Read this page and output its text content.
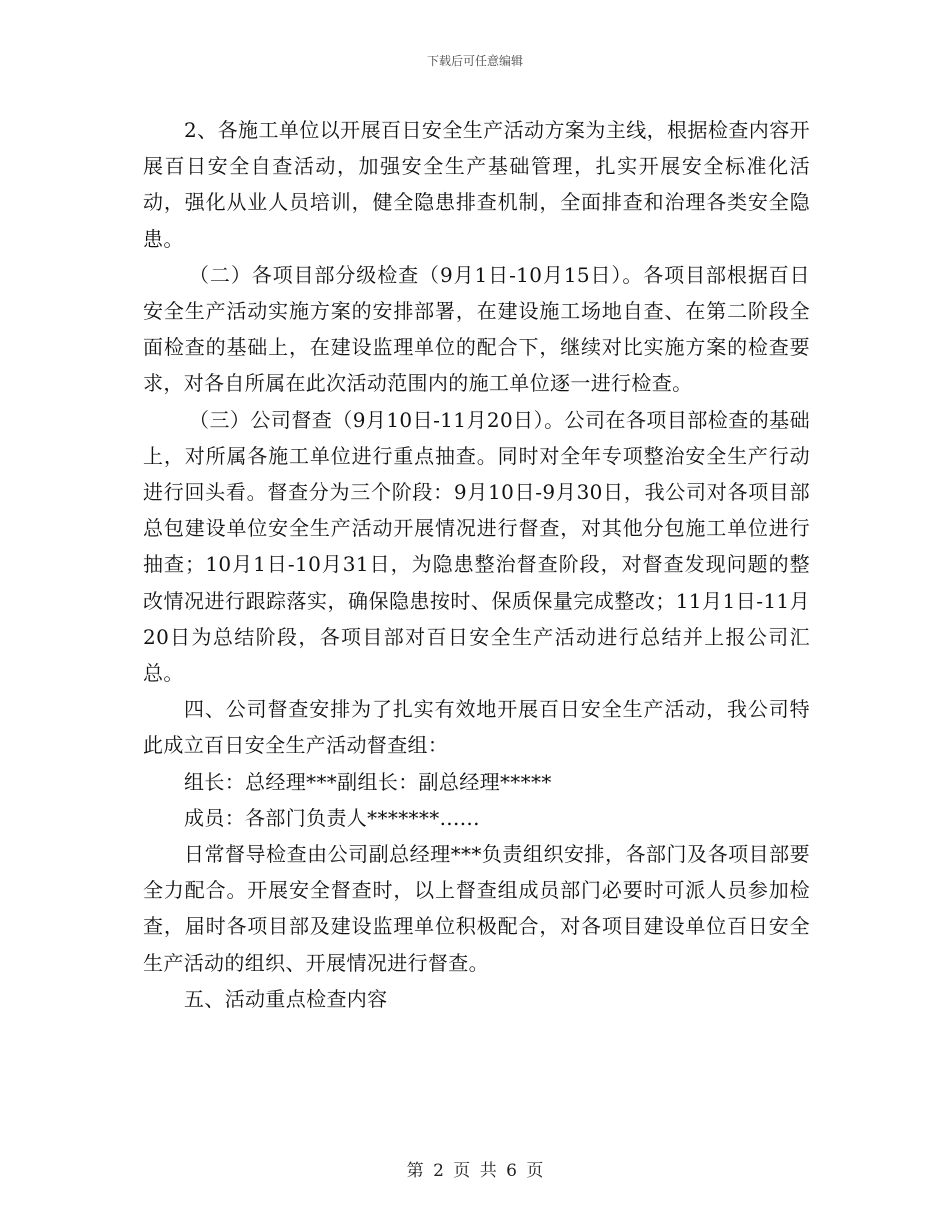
下载后可任意编辑

2、各施工单位以开展百日安全生产活动方案为主线，根据检查内容开展百日安全自查活动，加强安全生产基础管理，扎实开展安全标准化活动，强化从业人员培训，健全隐患排查机制，全面排查和治理各类安全隐患。

（二）各项目部分级检查（9月1日-10月15日）。各项目部根据百日安全生产活动实施方案的安排部署，在建设施工场地自查、在第二阶段全面检查的基础上，在建设监理单位的配合下，继续对比实施方案的检查要求，对各自所属在此次活动范围内的施工单位逐一进行检查。

（三）公司督查（9月10日-11月20日）。公司在各项目部检查的基础上，对所属各施工单位进行重点抽查。同时对全年专项整治安全生产行动进行回头看。督查分为三个阶段：9月10日-9月30日，我公司对各项目部总包建设单位安全生产活动开展情况进行督查，对其他分包施工单位进行抽查；10月1日-10月31日，为隐患整治督查阶段，对督查发现问题的整改情况进行跟踪落实，确保隐患按时、保质保量完成整改；11月1日-11月20日为总结阶段，各项目部对百日安全生产活动进行总结并上报公司汇总。

四、公司督查安排为了扎实有效地开展百日安全生产活动，我公司特此成立百日安全生产活动督查组：

组长：总经理***副组长：副总经理*****

成员：各部门负责人*******......

日常督导检查由公司副总经理***负责组织安排，各部门及各项目部要全力配合。开展安全督查时，以上督查组成员部门必要时可派人员参加检查，届时各项目部及建设监理单位积极配合，对各项目建设单位百日安全生产活动的组织、开展情况进行督查。

五、活动重点检查内容

第 2 页 共 6 页
